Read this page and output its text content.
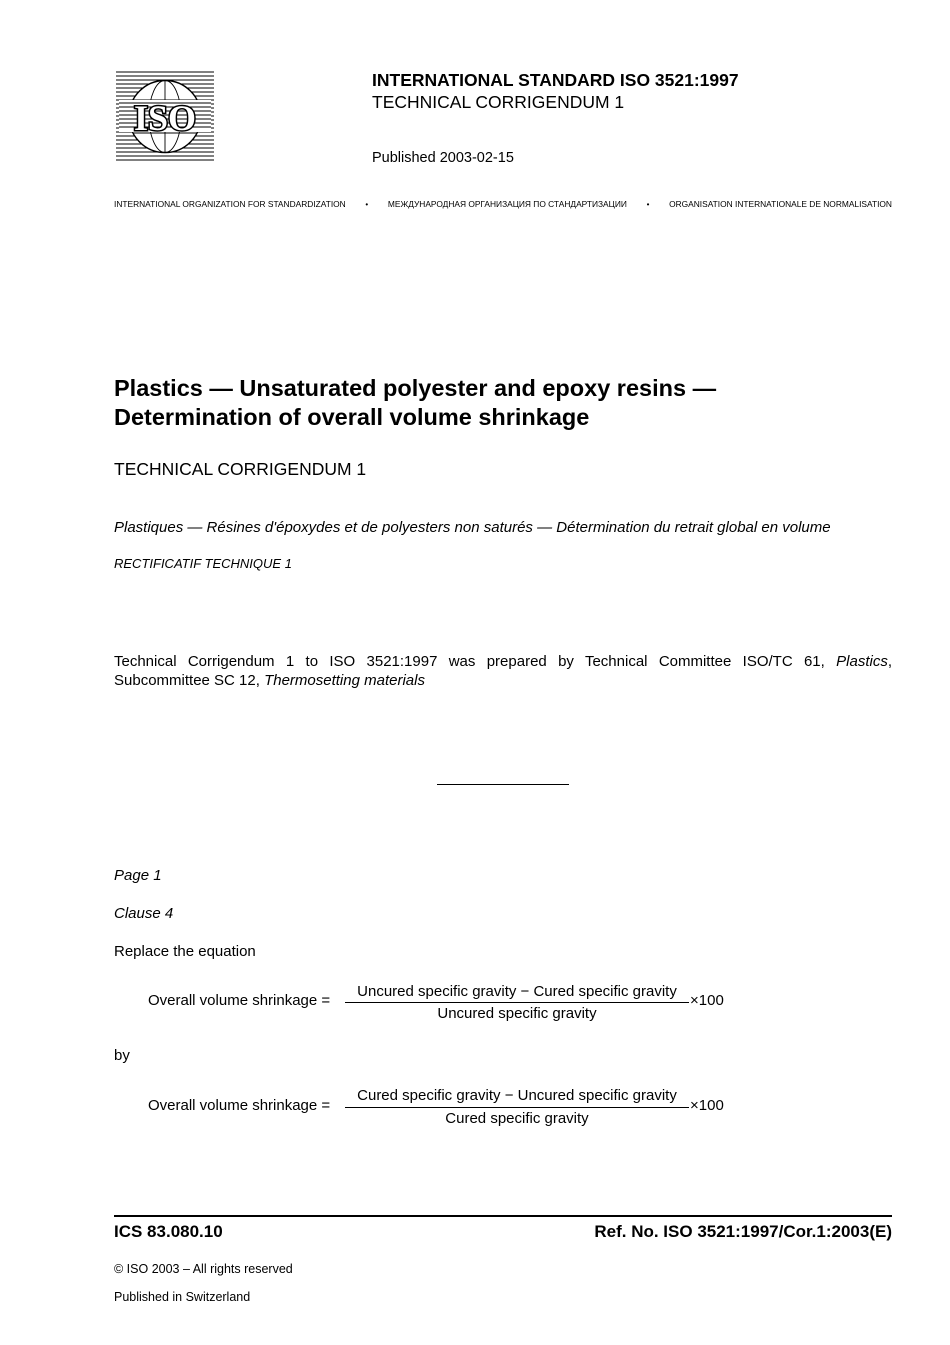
ISO
INTERNATIONAL STANDARD ISO 3521:1997
TECHNICAL CORRIGENDUM 1
Published 2003-02-15
INTERNATIONAL ORGANIZATION FOR STANDARDIZATION • МЕЖДУНАРОДНАЯ ОРГАНИЗАЦИЯ ПО СТАНДАРТИЗАЦИИ • ORGANISATION INTERNATIONALE DE NORMALISATION
Plastics — Unsaturated polyester and epoxy resins —
Determination of overall volume shrinkage
TECHNICAL CORRIGENDUM 1
Plastiques — Résines d'époxydes et de polyesters non saturés — Détermination du retrait global en volume
RECTIFICATIF TECHNIQUE 1
Technical Corrigendum 1 to ISO 3521:1997 was prepared by Technical Committee ISO/TC 61, Plastics,
Subcommittee SC 12, Thermosetting materials
Page 1
Clause 4
Replace the equation
Overall volume shrinkage =
Uncured specific gravity − Cured specific gravity
Uncured specific gravity
×100
by
Overall volume shrinkage =
Cured specific gravity − Uncured specific gravity
Cured specific gravity
×100
ICS 83.080.10	Ref. No. ISO 3521:1997/Cor.1:2003(E)
© ISO 2003 – All rights reserved
Published in Switzerland
